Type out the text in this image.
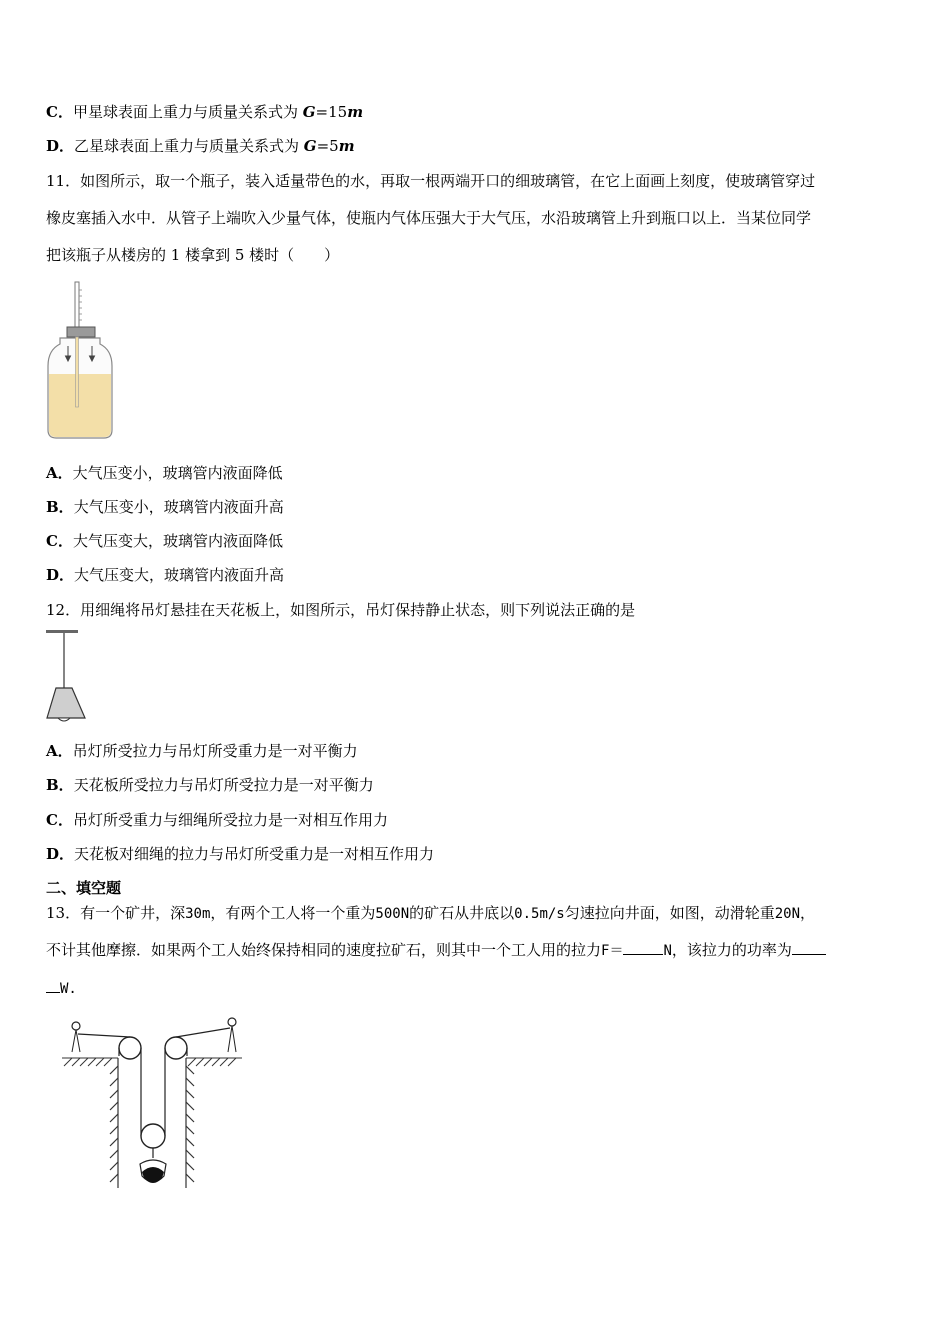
C．甲星球表面上重力与质量关系式为 G=15m
D．乙星球表面上重力与质量关系式为 G=5m
11．如图所示，取一个瓶子，装入适量带色的水，再取一根两端开口的细玻璃管，在它上面画上刻度，使玻璃管穿过
橡皮塞插入水中．从管子上端吹入少量气体，使瓶内气体压强大于大气压，水沿玻璃管上升到瓶口以上．当某位同学
把该瓶子从楼房的 1 楼拿到 5 楼时（　　）
A．大气压变小，玻璃管内液面降低
B．大气压变小，玻璃管内液面升高
C．大气压变大，玻璃管内液面降低
D．大气压变大，玻璃管内液面升高
12．用细绳将吊灯悬挂在天花板上，如图所示，吊灯保持静止状态，则下列说法正确的是
A．吊灯所受拉力与吊灯所受重力是一对平衡力
B．天花板所受拉力与吊灯所受拉力是一对平衡力
C．吊灯所受重力与细绳所受拉力是一对相互作用力
D．天花板对细绳的拉力与吊灯所受重力是一对相互作用力
二、填空题
13．有一个矿井，深30m，有两个工人将一个重为500N的矿石从井底以0.5m/s匀速拉向井面，如图，动滑轮重20N，
不计其他摩擦．如果两个工人始终保持相同的速度拉矿石，则其中一个工人用的拉力F＝	N，该拉力的功率为
W.
